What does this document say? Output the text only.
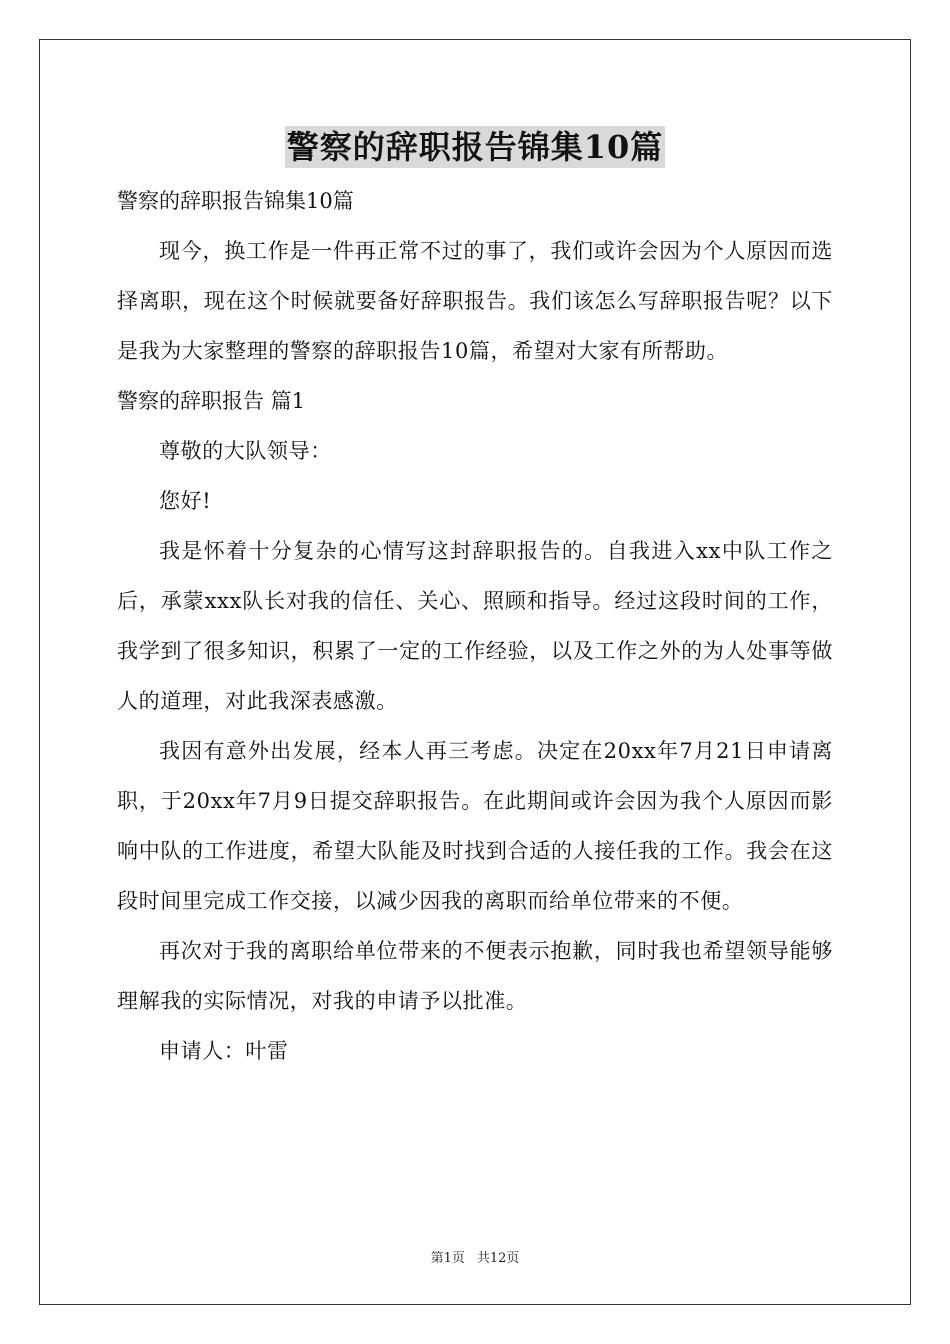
警察的辞职报告锦集10篇
警察的辞职报告锦集10篇
现今，换工作是一件再正常不过的事了，我们或许会因为个人原因而选择离职，现在这个时候就要备好辞职报告。我们该怎么写辞职报告呢？以下是我为大家整理的警察的辞职报告10篇，希望对大家有所帮助。
警察的辞职报告 篇1
尊敬的大队领导：
您好!
我是怀着十分复杂的心情写这封辞职报告的。自我进入xx中队工作之后，承蒙xxx队长对我的信任、关心、照顾和指导。经过这段时间的工作，我学到了很多知识，积累了一定的工作经验，以及工作之外的为人处事等做人的道理，对此我深表感激。
我因有意外出发展，经本人再三考虑。决定在20xx年7月21日申请离职，于20xx年7月9日提交辞职报告。在此期间或许会因为我个人原因而影响中队的工作进度，希望大队能及时找到合适的人接任我的工作。我会在这段时间里完成工作交接，以减少因我的离职而给单位带来的不便。
再次对于我的离职给单位带来的不便表示抱歉，同时我也希望领导能够理解我的实际情况，对我的申请予以批准。
申请人：叶雷
第1页 共12页
